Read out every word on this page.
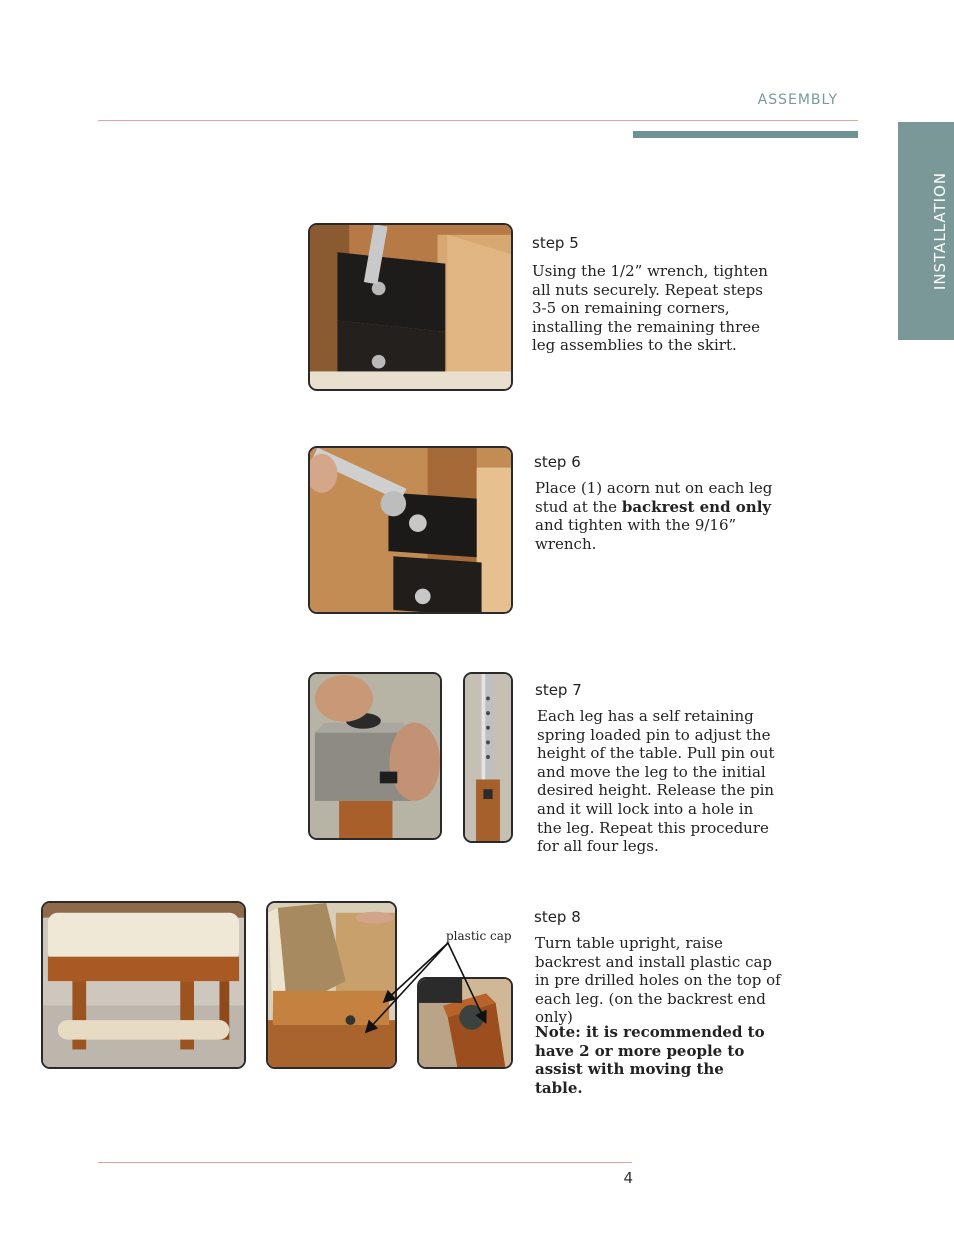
ASSEMBLY
INSTALLATION
step 5
Using the 1/2” wrench, tighten all nuts securely. Repeat steps 3-5 on remaining corners, installing the remaining three leg assemblies to the skirt.
step 6
Place (1) acorn nut on each leg stud at the backrest end only and tighten with the 9/16” wrench.
step 7
Each leg has a self retaining spring loaded pin to adjust the height of the table. Pull pin out and move the leg to the initial desired height. Release the pin and it will lock into a hole in the leg. Repeat this procedure for all four legs.
plastic cap
step 8
Turn table upright, raise backrest and install plastic cap in pre drilled holes on the top of each leg. (on the backrest end only)
Note: it is recommended to have 2 or more people to assist with moving the table.
4
